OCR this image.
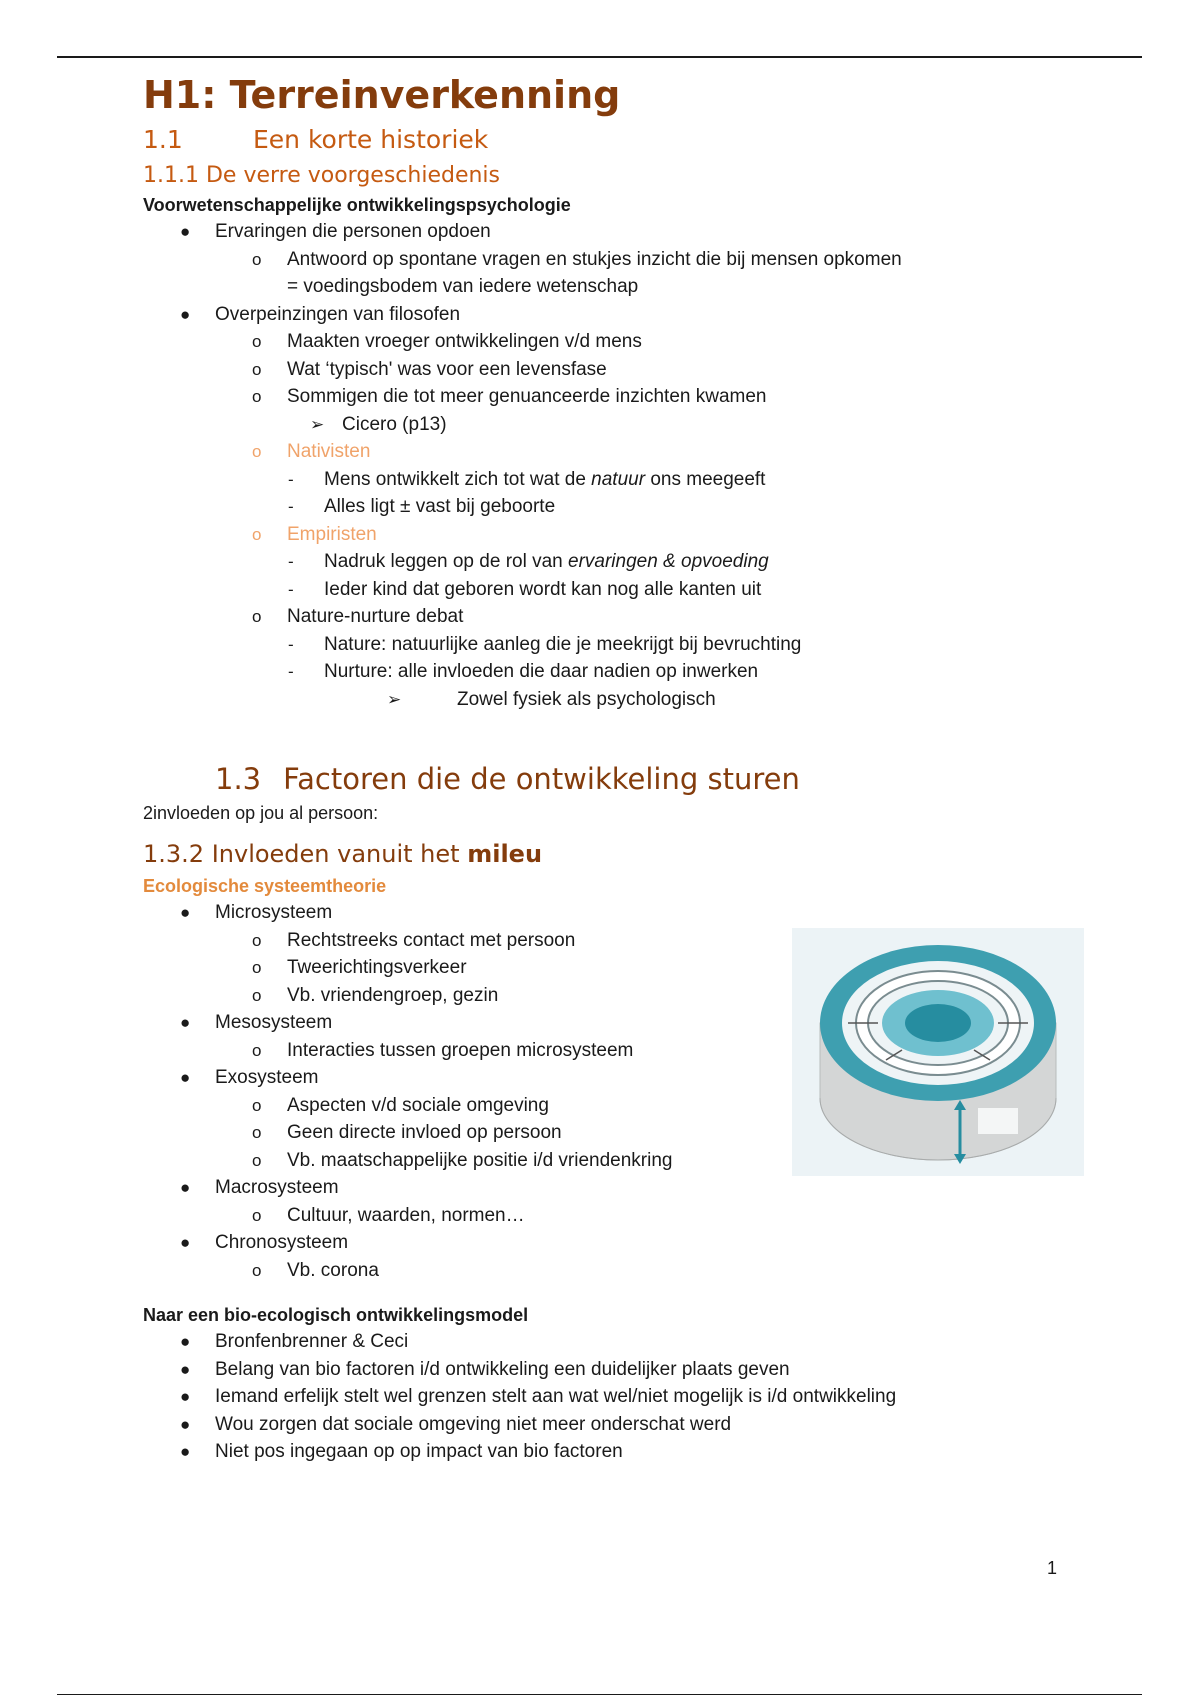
H1: Terreinverkenning
1.1	Een korte historiek
1.1.1 De verre voorgeschiedenis
Voorwetenschappelijke ontwikkelingspsychologie
● Ervaringen die personen opdoen
o Antwoord op spontane vragen en stukjes inzicht die bij mensen opkomen
= voedingsbodem van iedere wetenschap
● Overpeinzingen van filosofen
o Maakten vroeger ontwikkelingen v/d mens
o Wat ‘typisch' was voor een levensfase
o Sommigen die tot meer genuanceerde inzichten kwamen
➢ Cicero (p13)
o Nativisten
- Mens ontwikkelt zich tot wat de natuur ons meegeeft
- Alles ligt ± vast bij geboorte
o Empiristen
- Nadruk leggen op de rol van ervaringen & opvoeding
- Ieder kind dat geboren wordt kan nog alle kanten uit
o Nature-nurture debat
- Nature: natuurlijke aanleg die je meekrijgt bij bevruchting
- Nurture: alle invloeden die daar nadien op inwerken
➢	Zowel fysiek als psychologisch
1.3 Factoren die de ontwikkeling sturen
2invloeden op jou al persoon:
1.3.2 Invloeden vanuit het mileu
Ecologische systeemtheorie
● Microsysteem
o Rechtstreeks contact met persoon
o Tweerichtingsverkeer
o Vb. vriendengroep, gezin
● Mesosysteem
o Interacties tussen groepen microsysteem
● Exosysteem
o Aspecten v/d sociale omgeving
o Geen directe invloed op persoon
o Vb. maatschappelijke positie i/d vriendenkring
● Macrosysteem
o Cultuur, waarden, normen…
● Chronosysteem
o Vb. corona
Naar een bio-ecologisch ontwikkelingsmodel
● Bronfenbrenner & Ceci
● Belang van bio factoren i/d ontwikkeling een duidelijker plaats geven
● Iemand erfelijk stelt wel grenzen stelt aan wat wel/niet mogelijk is i/d ontwikkeling
● Wou zorgen dat sociale omgeving niet meer onderschat werd
● Niet pos ingegaan op op impact van bio factoren
1
